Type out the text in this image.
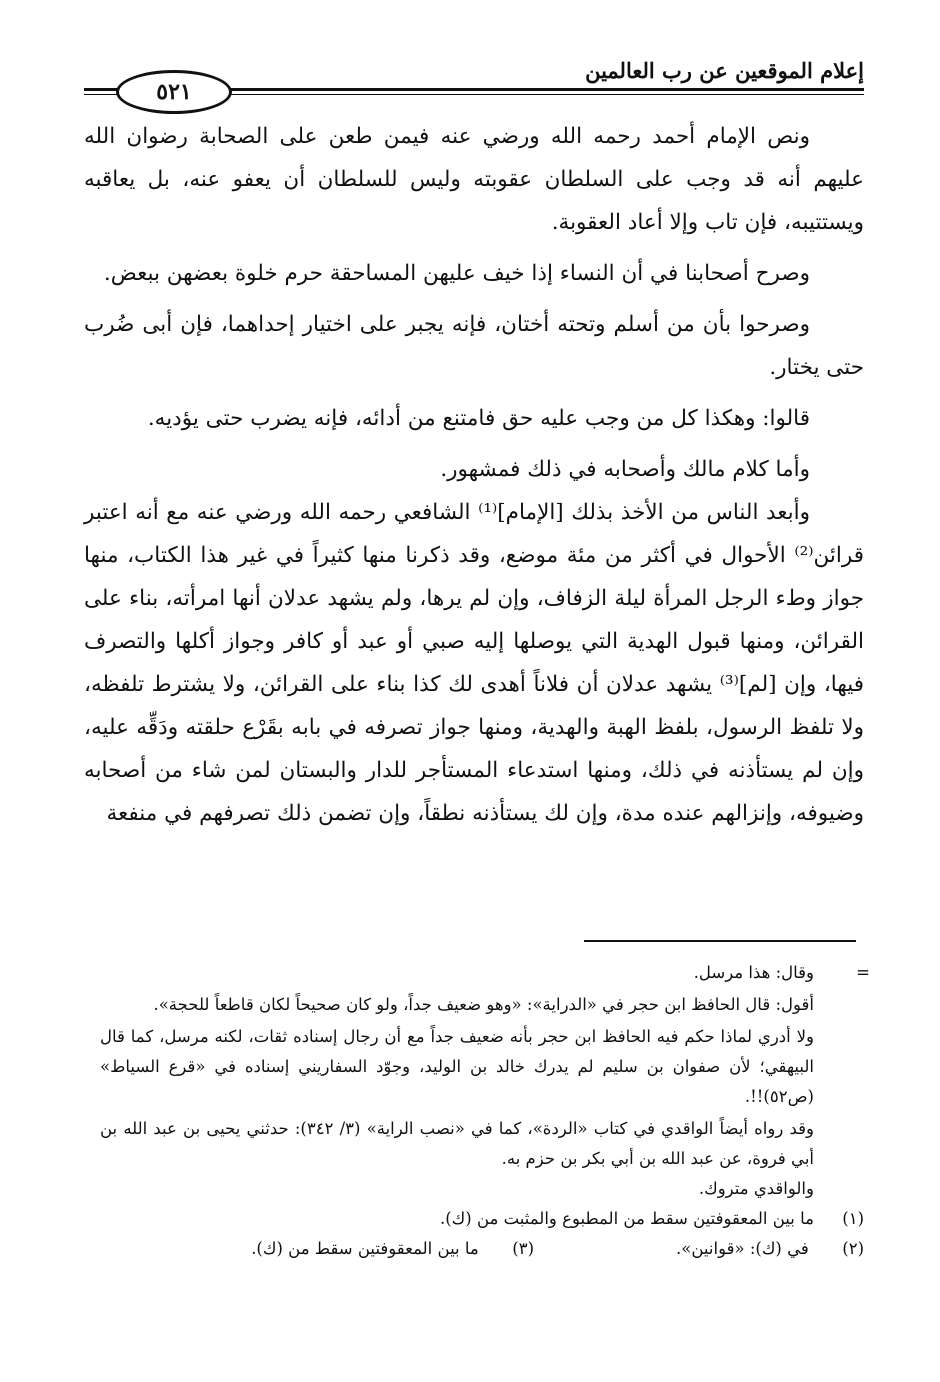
إعلام الموقعين عن رب العالمين
٥٢١

ونص الإمام أحمد رحمه الله ورضي عنه فيمن طعن على الصحابة رضوان الله عليهم أنه قد وجب على السلطان عقوبته وليس للسلطان أن يعفو عنه، بل يعاقبه ويستتيبه، فإن تاب وإلا أعاد العقوبة.

وصرح أصحابنا في أن النساء إذا خيف عليهن المساحقة حرم خلوة بعضهن ببعض.

وصرحوا بأن من أسلم وتحته أختان، فإنه يجبر على اختيار إحداهما، فإن أبى ضُرب حتى يختار.

قالوا: وهكذا كل من وجب عليه حق فامتنع من أدائه، فإنه يضرب حتى يؤديه.

وأما كلام مالك وأصحابه في ذلك فمشهور.

وأبعد الناس من الأخذ بذلك [الإمام]⁽¹⁾ الشافعي رحمه الله ورضي عنه مع أنه اعتبر قرائن⁽²⁾ الأحوال في أكثر من مئة موضع، وقد ذكرنا منها كثيراً في غير هذا الكتاب، منها جواز وطء الرجل المرأة ليلة الزفاف، وإن لم يرها، ولم يشهد عدلان أنها امرأته، بناء على القرائن، ومنها قبول الهدية التي يوصلها إليه صبي أو عبد أو كافر وجواز أكلها والتصرف فيها، وإن [لم]⁽³⁾ يشهد عدلان أن فلاناً أهدى لك كذا بناء على القرائن، ولا يشترط تلفظه، ولا تلفظ الرسول، بلفظ الهبة والهدية، ومنها جواز تصرفه في بابه بقَرْع حلقته ودَقِّه عليه، وإن لم يستأذنه في ذلك، ومنها استدعاء المستأجر للدار والبستان لمن شاء من أصحابه وضيوفه، وإنزالهم عنده مدة، وإن لك يستأذنه نطقاً، وإن تضمن ذلك تصرفهم في منفعة

=

وقال: هذا مرسل.

أقول: قال الحافظ ابن حجر في «الدراية»: «وهو ضعيف جداً، ولو كان صحيحاً لكان قاطعاً للحجة».

ولا أدري لماذا حكم فيه الحافظ ابن حجر بأنه ضعيف جداً مع أن رجال إسناده ثقات، لكنه مرسل، كما قال البيهقي؛ لأن صفوان بن سليم لم يدرك خالد بن الوليد، وجوّد السفاريني إسناده في «قرع السياط» (ص٥٢)!!.

وقد رواه أيضاً الواقدي في كتاب «الردة»، كما في «نصب الراية» (٣/ ٣٤٢): حدثني يحيى بن عبد الله بن أبي فروة، عن عبد الله بن أبي بكر بن حزم به.

والواقدي متروك.

(١)
ما بين المعقوفتين سقط من المطبوع والمثبت من (ك).
(٢) في (ك): «قوانين».
(٣) ما بين المعقوفتين سقط من (ك).
